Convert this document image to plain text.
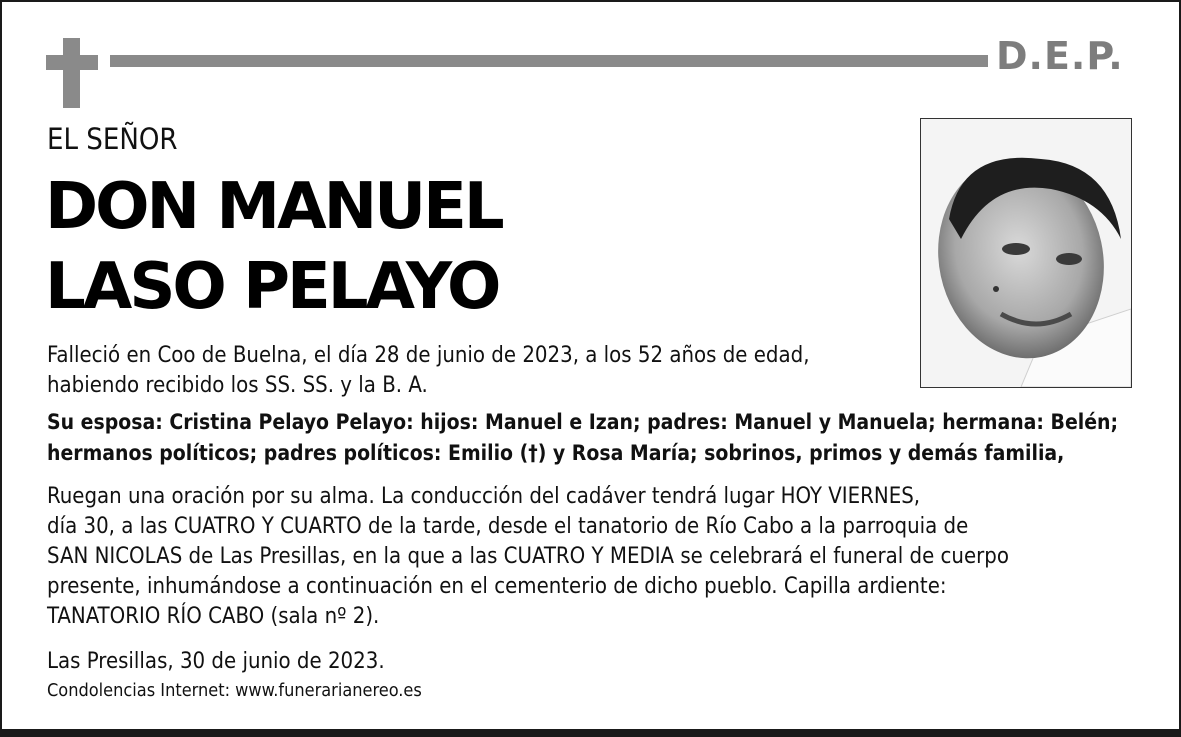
D.E.P.
EL SEÑOR
DON MANUEL
LASO PELAYO
Falleció en Coo de Buelna, el día 28 de junio de 2023, a los 52 años de edad,
habiendo recibido los SS. SS. y la B. A.
Su esposa: Cristina Pelayo Pelayo: hijos: Manuel e Izan; padres: Manuel y Manuela; hermana: Belén;
hermanos políticos; padres políticos: Emilio (†) y Rosa María; sobrinos, primos y demás familia,
Ruegan una oración por su alma. La conducción del cadáver tendrá lugar HOY VIERNES,
día 30, a las CUATRO Y CUARTO de la tarde, desde el tanatorio de Río Cabo a la parroquia de
SAN NICOLAS de Las Presillas, en la que a las CUATRO Y MEDIA se celebrará el funeral de cuerpo
presente, inhumándose a continuación en el cementerio de dicho pueblo. Capilla ardiente:
TANATORIO RÍO CABO (sala nº 2).
Las Presillas, 30 de junio de 2023.
Condolencias Internet: www.funerarianereo.es
